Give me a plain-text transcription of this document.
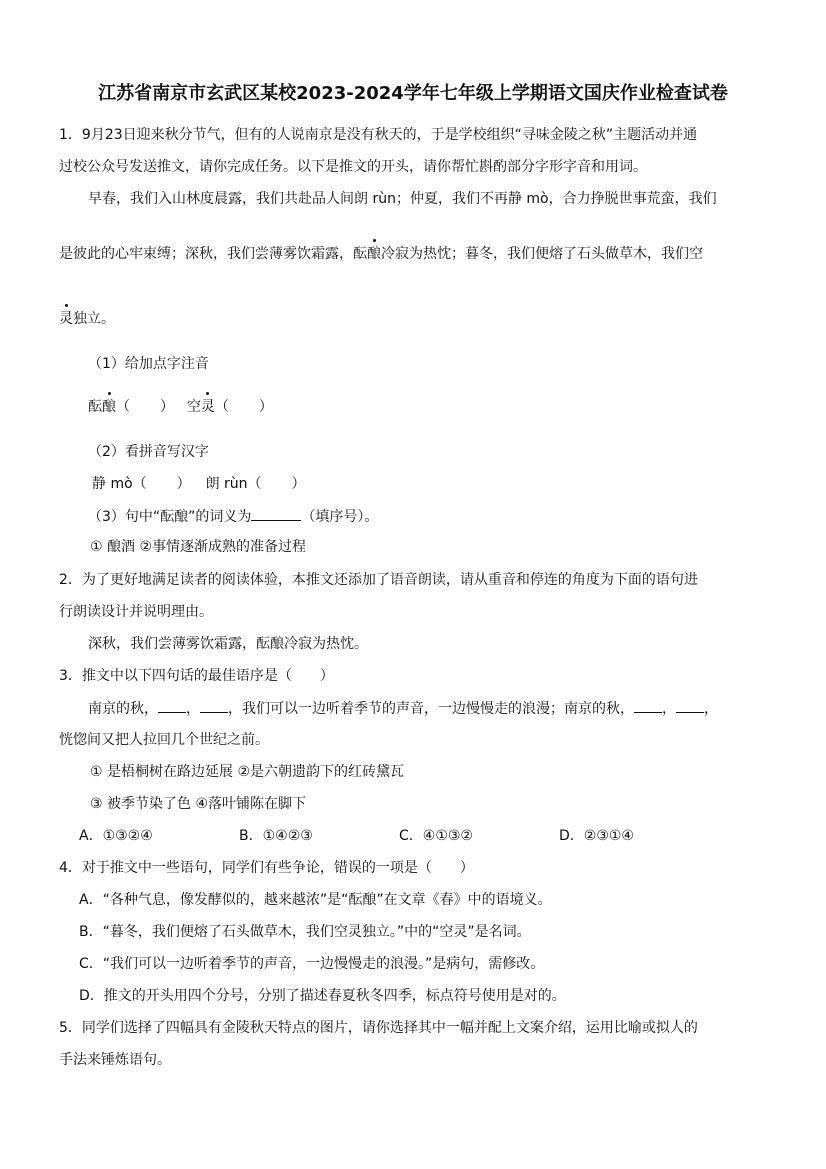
江苏省南京市玄武区某校2023-2024学年七年级上学期语文国庆作业检查试卷
1．9月23日迎来秋分节气，但有的人说南京是没有秋天的，于是学校组织“寻味金陵之秋”主题活动并通
过校公众号发送推文，请你完成任务。以下是推文的开头，请你帮忙斟酌部分字形字音和用词。
早春，我们入山林度晨露，我们共赴品人间朗 rùn；仲夏，我们不再静 mò，合力挣脱世事荒蛮，我们
是彼此的心牢束缚；深秋，我们尝薄雾饮霜露，酝酿冷寂为热忱；暮冬，我们便熔了石头做草木，我们空
灵独立。
（1）给加点字注音
酝酿（ ） 空灵（ ）
（2）看拼音写汉字
静 mò（ ） 朗 rùn（ ）
（3）句中“酝酿”的词义为	（填序号）。
① 酿酒 ②事情逐渐成熟的准备过程
2．为了更好地满足读者的阅读体验，本推文还添加了语音朗读，请从重音和停连的角度为下面的语句进
行朗读设计并说明理由。
深秋，我们尝薄雾饮霜露，酝酿冷寂为热忱。
3．推文中以下四句话的最佳语序是（　　）
南京的秋， ， ，我们可以一边听着季节的声音，一边慢慢走的浪漫；南京的秋， ， ，
恍惚间又把人拉回几个世纪之前。
① 是梧桐树在路边延展 ②是六朝遗韵下的红砖黛瓦
③ 被季节染了色 ④落叶铺陈在脚下
A．①③②④	B．①④②③	C．④①③②	D．②③①④
4．对于推文中一些语句，同学们有些争论，错误的一项是（　　）
A．“各种气息，像发酵似的，越来越浓”是“酝酿”在文章《春》中的语境义。
B．“暮冬，我们便熔了石头做草木，我们空灵独立。”中的“空灵”是名词。
C．“我们可以一边听着季节的声音，一边慢慢走的浪漫。”是病句，需修改。
D．推文的开头用四个分号，分别了描述春夏秋冬四季，标点符号使用是对的。
5．同学们选择了四幅具有金陵秋天特点的图片，请你选择其中一幅并配上文案介绍，运用比喻或拟人的
手法来锤炼语句。
